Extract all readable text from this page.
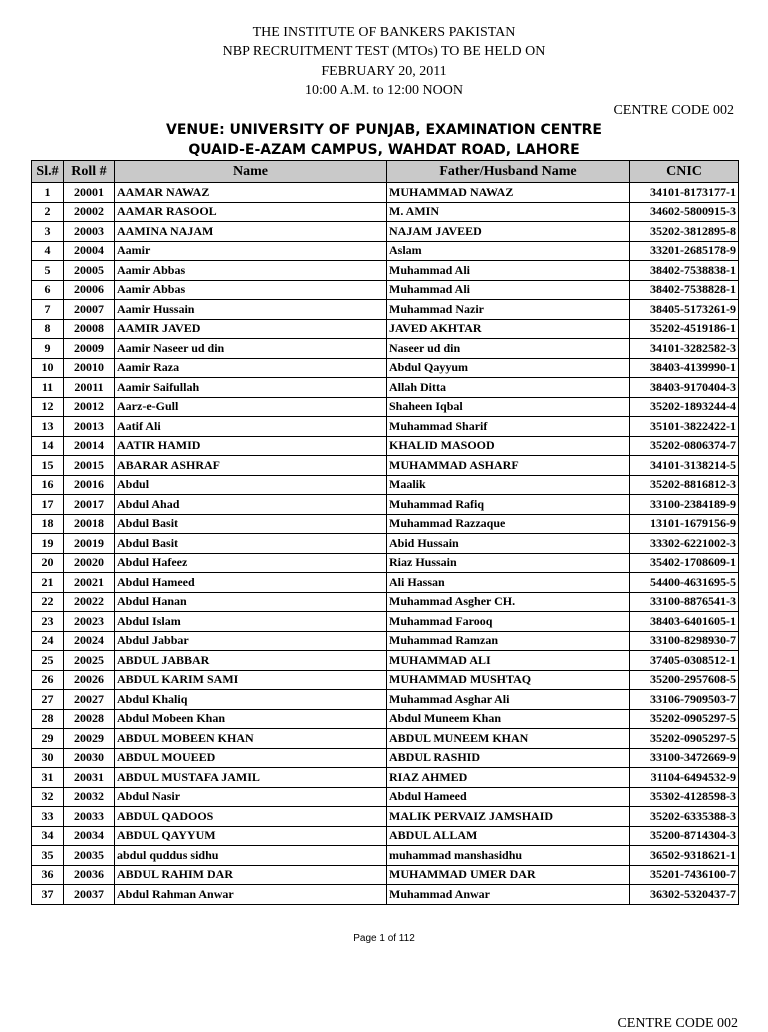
THE INSTITUTE OF BANKERS PAKISTAN
NBP RECRUITMENT TEST (MTOs) TO BE HELD ON
FEBRUARY 20, 2011
10:00 A.M. to 12:00 NOON
CENTRE CODE 002
VENUE: UNIVERSITY OF PUNJAB, EXAMINATION CENTRE
QUAID-E-AZAM CAMPUS, WAHDAT ROAD, LAHORE
Sl.#	Roll #	Name	Father/Husband Name	CNIC
1	20001	AAMAR NAWAZ	MUHAMMAD NAWAZ	34101-8173177-1
2	20002	AAMAR RASOOL	M. AMIN	34602-5800915-3
3	20003	AAMINA NAJAM	NAJAM JAVEED	35202-3812895-8
4	20004	Aamir	Aslam	33201-2685178-9
5	20005	Aamir Abbas	Muhammad Ali	38402-7538838-1
6	20006	Aamir Abbas	Muhammad Ali	38402-7538828-1
7	20007	Aamir Hussain	Muhammad Nazir	38405-5173261-9
8	20008	AAMIR JAVED	JAVED AKHTAR	35202-4519186-1
9	20009	Aamir Naseer ud din	Naseer ud din	34101-3282582-3
10	20010	Aamir Raza	Abdul Qayyum	38403-4139990-1
11	20011	Aamir Saifullah	Allah Ditta	38403-9170404-3
12	20012	Aarz-e-Gull	Shaheen Iqbal	35202-1893244-4
13	20013	Aatif Ali	Muhammad Sharif	35101-3822422-1
14	20014	AATIR HAMID	KHALID MASOOD	35202-0806374-7
15	20015	ABARAR ASHRAF	MUHAMMAD ASHARF	34101-3138214-5
16	20016	Abdul	Maalik	35202-8816812-3
17	20017	Abdul Ahad	Muhammad Rafiq	33100-2384189-9
18	20018	Abdul Basit	Muhammad Razzaque	13101-1679156-9
19	20019	Abdul Basit	Abid Hussain	33302-6221002-3
20	20020	Abdul Hafeez	Riaz Hussain	35402-1708609-1
21	20021	Abdul Hameed	Ali Hassan	54400-4631695-5
22	20022	Abdul Hanan	Muhammad Asgher CH.	33100-8876541-3
23	20023	Abdul Islam	Muhammad Farooq	38403-6401605-1
24	20024	Abdul Jabbar	Muhammad Ramzan	33100-8298930-7
25	20025	ABDUL JABBAR	MUHAMMAD ALI	37405-0308512-1
26	20026	ABDUL KARIM SAMI	MUHAMMAD MUSHTAQ	35200-2957608-5
27	20027	Abdul Khaliq	Muhammad Asghar Ali	33106-7909503-7
28	20028	Abdul Mobeen Khan	Abdul Muneem Khan	35202-0905297-5
29	20029	ABDUL MOBEEN KHAN	ABDUL MUNEEM KHAN	35202-0905297-5
30	20030	ABDUL MOUEED	ABDUL RASHID	33100-3472669-9
31	20031	ABDUL MUSTAFA JAMIL	RIAZ AHMED	31104-6494532-9
32	20032	Abdul Nasir	Abdul Hameed	35302-4128598-3
33	20033	ABDUL QADOOS	MALIK PERVAIZ JAMSHAID	35202-6335388-3
34	20034	ABDUL QAYYUM	ABDUL ALLAM	35200-8714304-3
35	20035	abdul quddus sidhu	muhammad manshasidhu	36502-9318621-1
36	20036	ABDUL RAHIM DAR	MUHAMMAD UMER DAR	35201-7436100-7
37	20037	Abdul Rahman Anwar	Muhammad Anwar	36302-5320437-7
Page 1 of 112
CENTRE CODE 002
